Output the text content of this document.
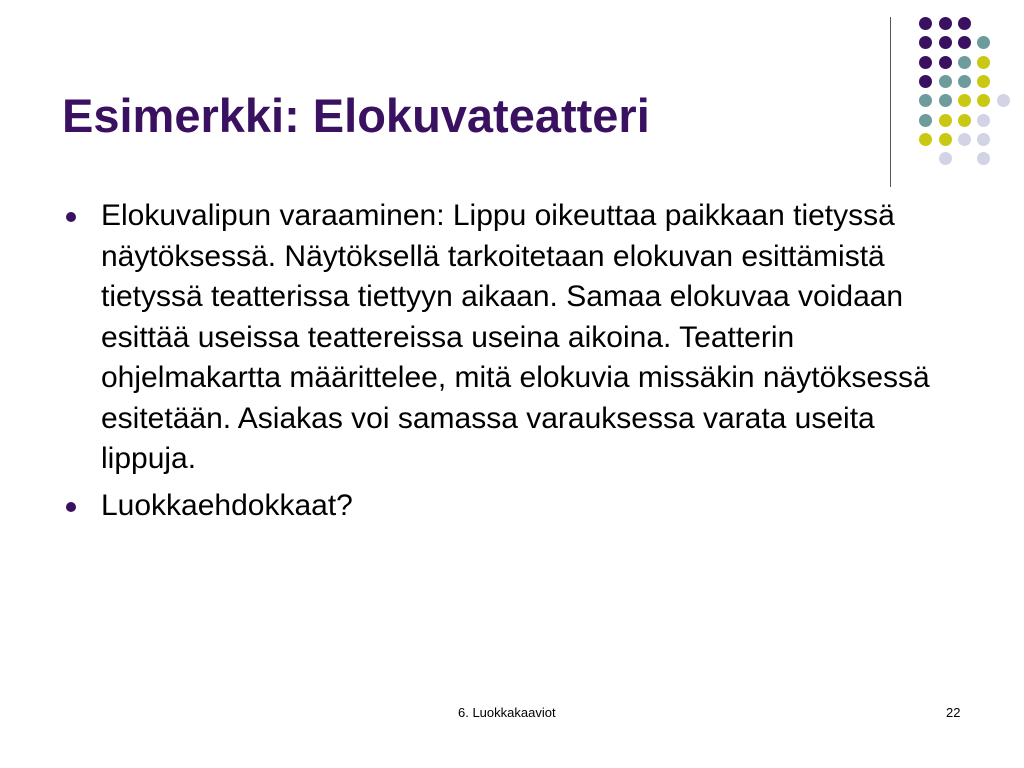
Esimerkki: Elokuvateatteri
Elokuvalipun varaaminen: Lippu oikeuttaa paikkaan tietyssä näytöksessä. Näytöksellä tarkoitetaan elokuvan esittämistä tietyssä teatterissa tiettyyn aikaan. Samaa elokuvaa voidaan esittää useissa teattereissa useina aikoina. Teatterin ohjelmakartta määrittelee, mitä elokuvia missäkin näytöksessä esitetään. Asiakas voi samassa varauksessa varata useita lippuja.
Luokkaehdokkaat?
6. Luokkakaaviot	22
